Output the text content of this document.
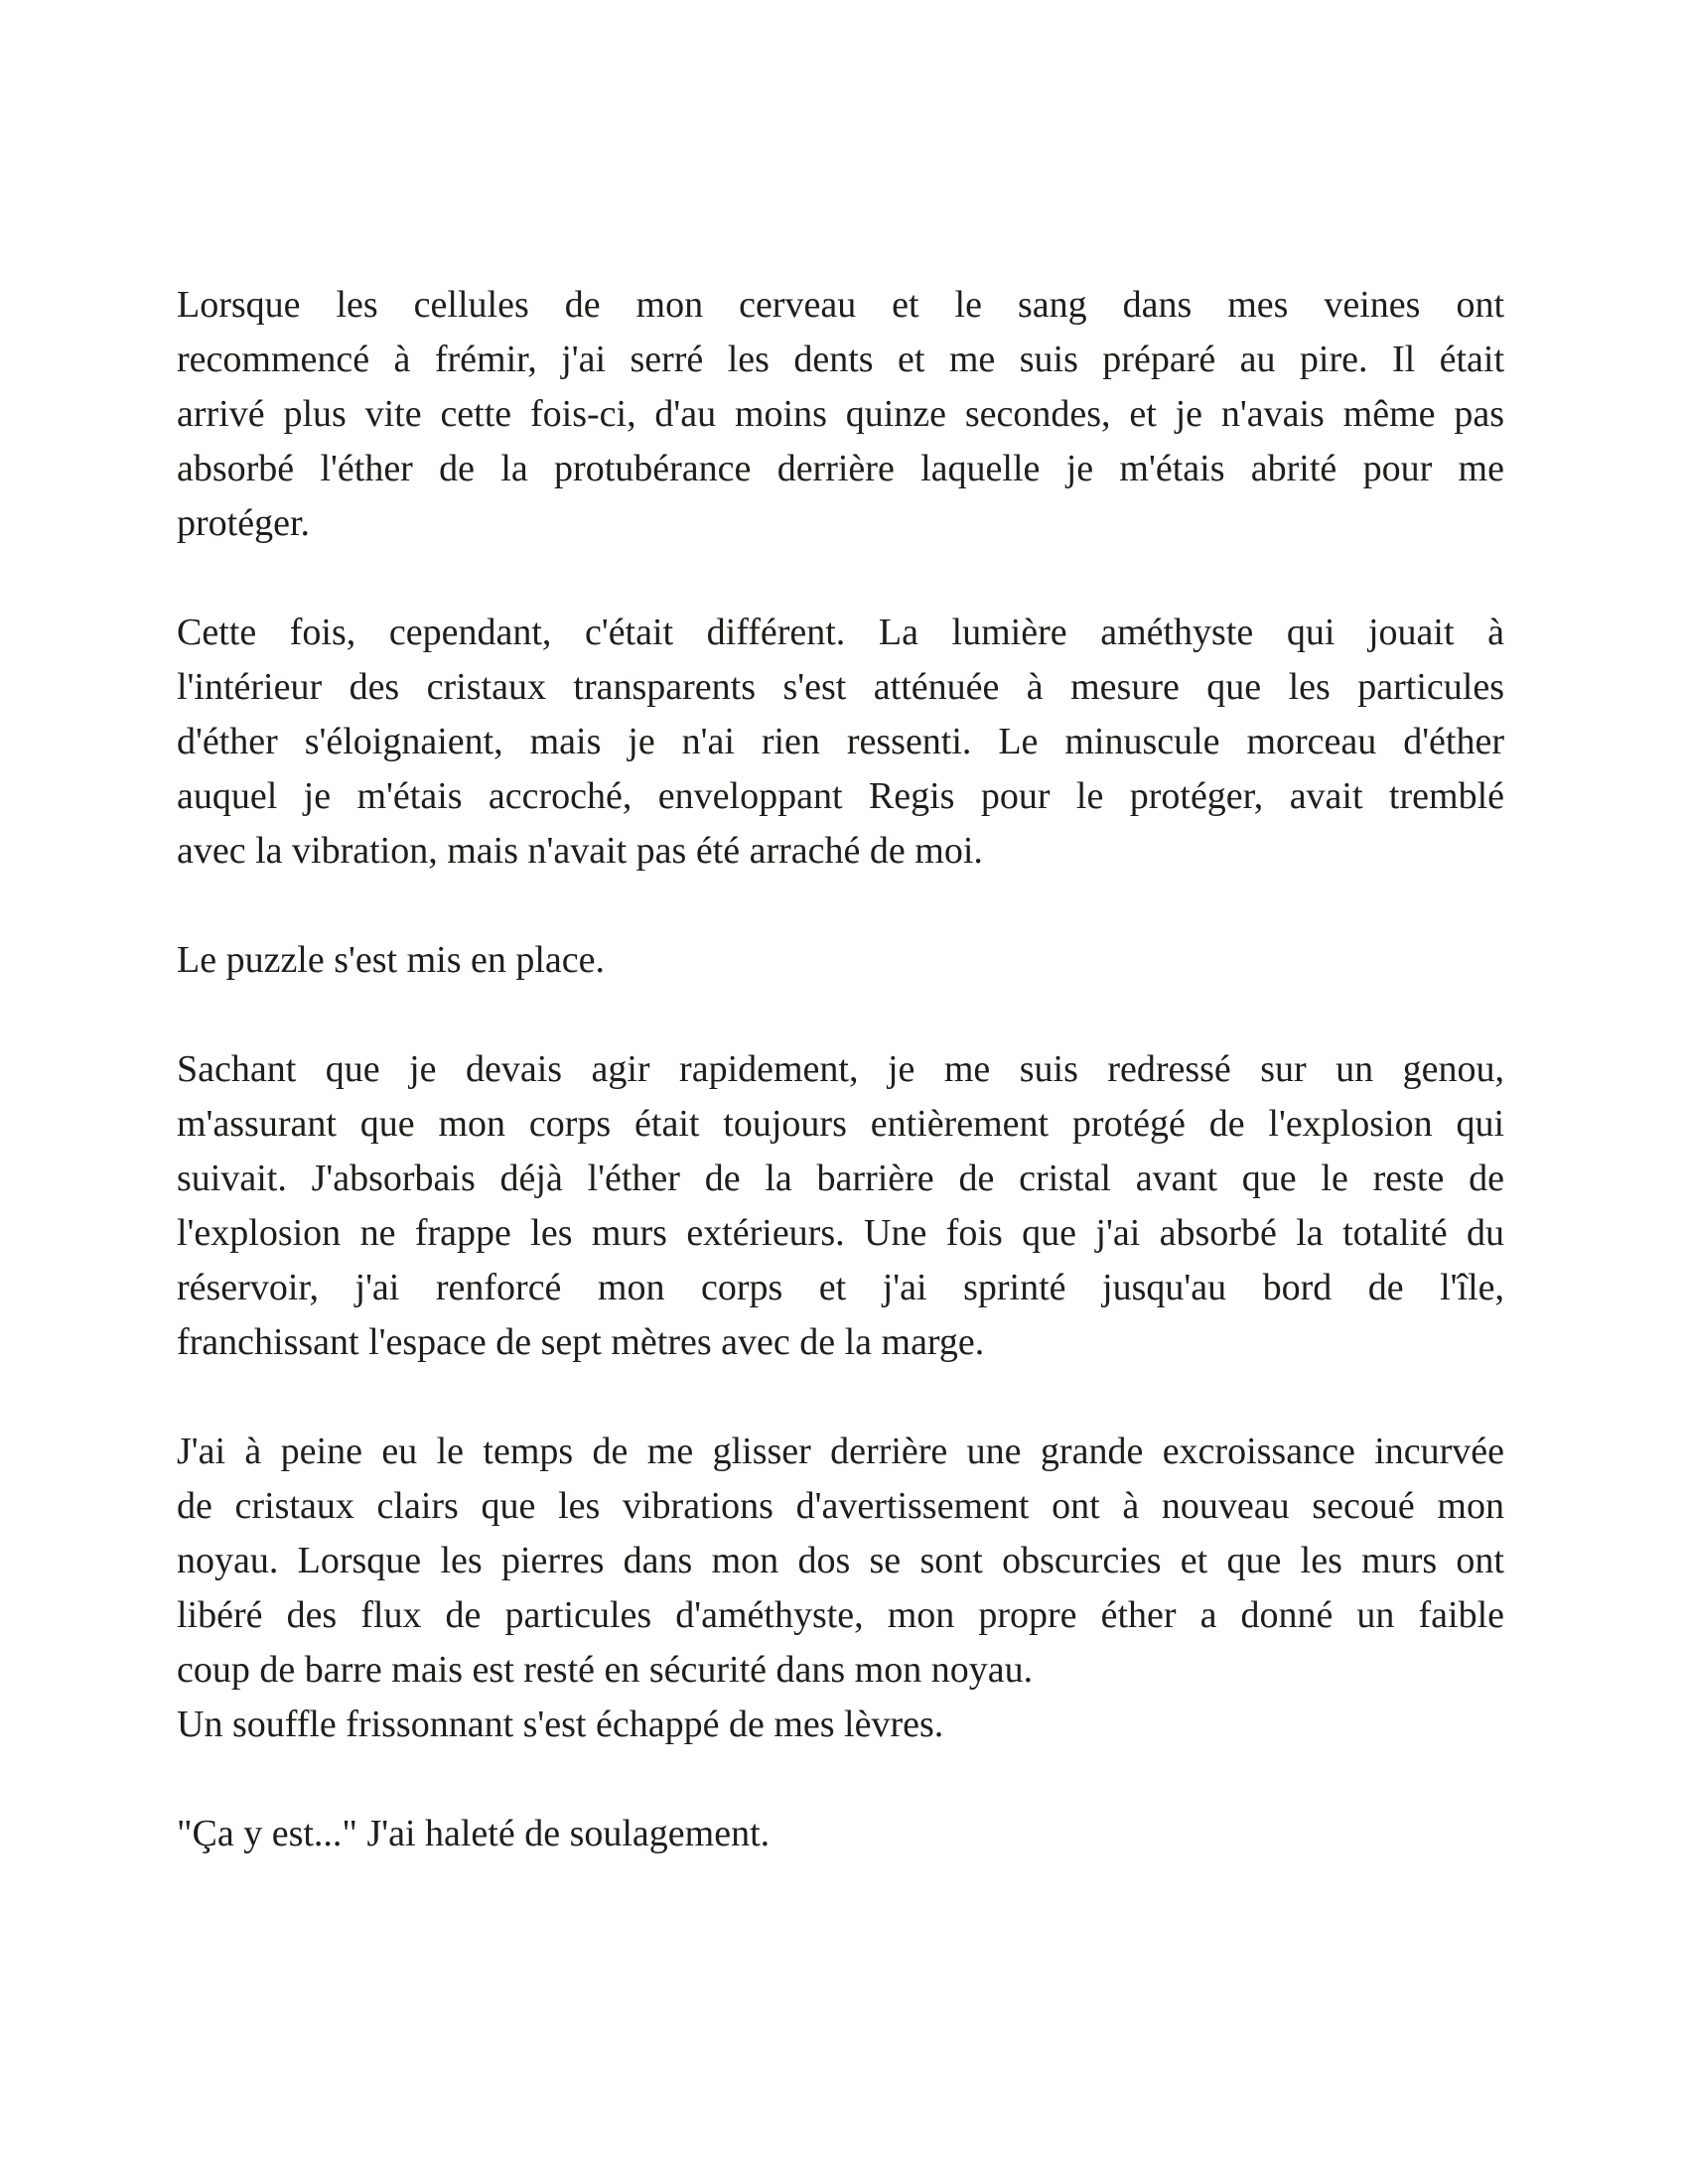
Lorsque les cellules de mon cerveau et le sang dans mes veines ont
recommencé à frémir, j'ai serré les dents et me suis préparé au pire. Il était
arrivé plus vite cette fois-ci, d'au moins quinze secondes, et je n'avais même pas
absorbé l'éther de la protubérance derrière laquelle je m'étais abrité pour me
protéger.
Cette fois, cependant, c'était différent. La lumière améthyste qui jouait à
l'intérieur des cristaux transparents s'est atténuée à mesure que les particules
d'éther s'éloignaient, mais je n'ai rien ressenti. Le minuscule morceau d'éther
auquel je m'étais accroché, enveloppant Regis pour le protéger, avait tremblé
avec la vibration, mais n'avait pas été arraché de moi.
Le puzzle s'est mis en place.
Sachant que je devais agir rapidement, je me suis redressé sur un genou,
m'assurant que mon corps était toujours entièrement protégé de l'explosion qui
suivait. J'absorbais déjà l'éther de la barrière de cristal avant que le reste de
l'explosion ne frappe les murs extérieurs. Une fois que j'ai absorbé la totalité du
réservoir, j'ai renforcé mon corps et j'ai sprinté jusqu'au bord de l'île,
franchissant l'espace de sept mètres avec de la marge.
J'ai à peine eu le temps de me glisser derrière une grande excroissance incurvée
de cristaux clairs que les vibrations d'avertissement ont à nouveau secoué mon
noyau. Lorsque les pierres dans mon dos se sont obscurcies et que les murs ont
libéré des flux de particules d'améthyste, mon propre éther a donné un faible
coup de barre mais est resté en sécurité dans mon noyau.
Un souffle frissonnant s'est échappé de mes lèvres.
"Ça y est..." J'ai haleté de soulagement.
